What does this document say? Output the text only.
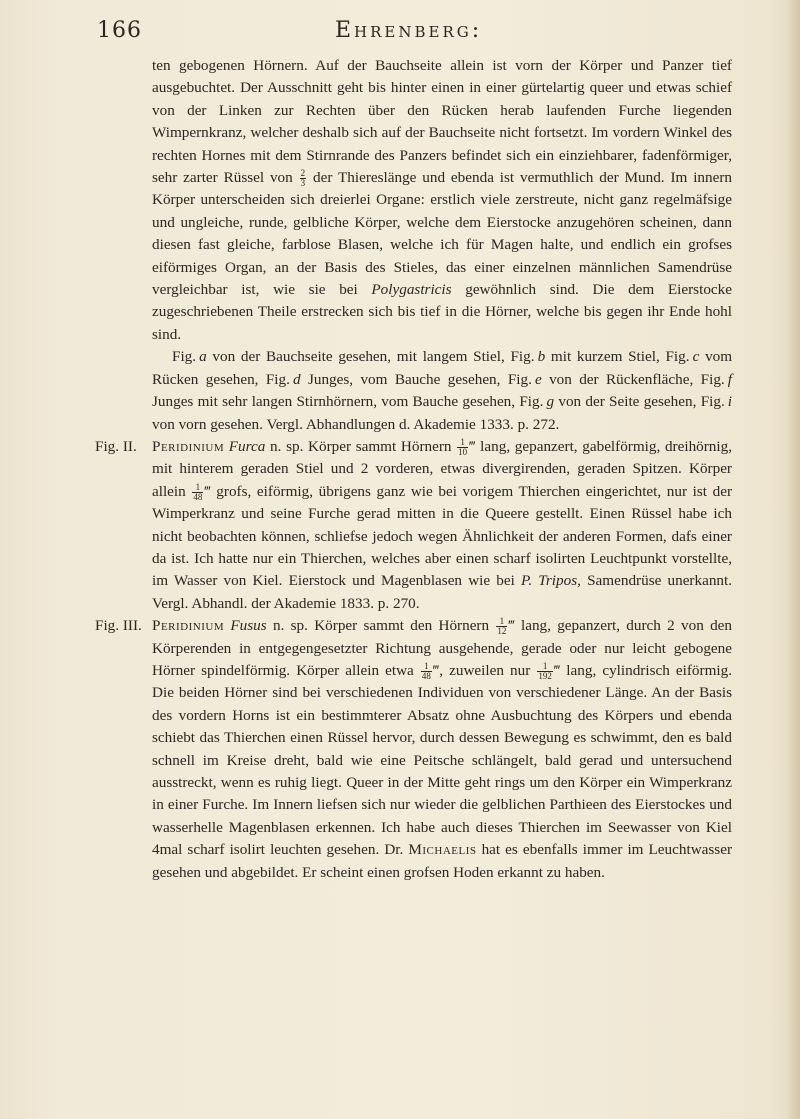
166	Ehrenberg:

ten gebogenen Hörnern. Auf der Bauchseite allein ist vorn der Körper und Panzer tief ausgebuchtet. Der Ausschnitt geht bis hinter einen in einer gürtelartig queer und etwas schief von der Linken zur Rechten über den Rücken herab laufenden Furche liegenden Wimpernkranz, welcher deshalb sich auf der Bauchseite nicht fortsetzt. Im vordern Winkel des rechten Hornes mit dem Stirnrande des Panzers befindet sich ein einziehbarer, fadenförmiger, sehr zarter Rüssel von $\frac{2}{3}$ der Thiereslänge und ebenda ist vermuthlich der Mund. Im innern Körper unterscheiden sich dreierlei Organe: erstlich viele zerstreute, nicht ganz regelmäfsige und ungleiche, runde, gelbliche Körper, welche dem Eierstocke anzugehören scheinen, dann diesen fast gleiche, farblose Blasen, welche ich für Magen halte, und endlich ein grofses eiförmiges Organ, an der Basis des Stieles, das einer einzelnen männlichen Samendrüse vergleichbar ist, wie sie bei Polygastricis gewöhnlich sind. Die dem Eierstocke zugeschriebenen Theile erstrecken sich bis tief in die Hörner, welche bis gegen ihr Ende hohl sind.

Fig.  a von der Bauchseite gesehen, mit langem Stiel, Fig.  b mit kurzem Stiel, Fig.  c vom Rücken gesehen, Fig.  d Junges, vom Bauche gesehen, Fig.  e von der Rückenfläche, Fig.  f Junges mit sehr langen Stirnhörnern, vom Bauche gesehen, Fig.  g von der Seite gesehen, Fig.  i von vorn gesehen. Vergl. Abhandlungen d. Akademie 1333. p. 272.

Fig. II.	Peridinium Furca n. sp. Körper sammt Hörnern $\frac{1}{10}$ ‴ lang, gepanzert, gabelförmig, dreihörnig, mit hinterem geraden Stiel und 2 vorderen, etwas divergirenden, geraden Spitzen. Körper allein $\frac{1}{48}$ ‴ grofs, eiförmig, übrigens ganz wie bei vorigem Thierchen eingerichtet, nur ist der Wimperkranz und seine Furche gerad mitten in die Queere gestellt. Einen Rüssel habe ich nicht beobachten können, schliefse jedoch wegen Ähnlichkeit der anderen Formen, dafs einer da ist. Ich hatte nur ein Thierchen, welches aber einen scharf isolirten Leuchtpunkt vorstellte, im Wasser von Kiel. Eierstock und Magenblasen wie bei P. Tripos, Samendrüse unerkannt. Vergl. Abhandl. der Akademie 1833. p. 270.

Fig. III. Peridinium Fusus n. sp. Körper sammt den Hörnern $\frac{1}{12}$ ‴ lang, gepanzert, durch 2 von den Körperenden in entgegengesetzter Richtung ausgehende, gerade oder nur leicht gebogene Hörner spindelförmig. Körper allein etwa $\frac{1}{48}$ ‴, zuweilen nur $\frac{1}{192}$ ‴ lang, cylindrisch eiförmig. Die beiden Hörner sind bei verschiedenen Individuen von verschiedener Länge. An der Basis des vordern Horns ist ein bestimmterer Absatz ohne Ausbuchtung des Körpers und ebenda schiebt das Thierchen einen Rüssel hervor, durch dessen Bewegung es schwimmt, den es bald schnell im Kreise dreht, bald wie eine Peitsche schlängelt, bald gerad und untersuchend ausstreckt, wenn es ruhig liegt. Queer in der Mitte geht rings um den Körper ein Wimperkranz in einer Furche. Im Innern liefsen sich nur wieder die gelblichen Parthieen des Eierstockes und wasserhelle Magenblasen erkennen. Ich habe auch dieses Thierchen im Seewasser von Kiel 4mal scharf isolirt leuchten gesehen. Dr. Michaelis hat es ebenfalls immer im Leuchtwasser gesehen und abgebildet. Er scheint einen grofsen Hoden erkannt zu haben.
